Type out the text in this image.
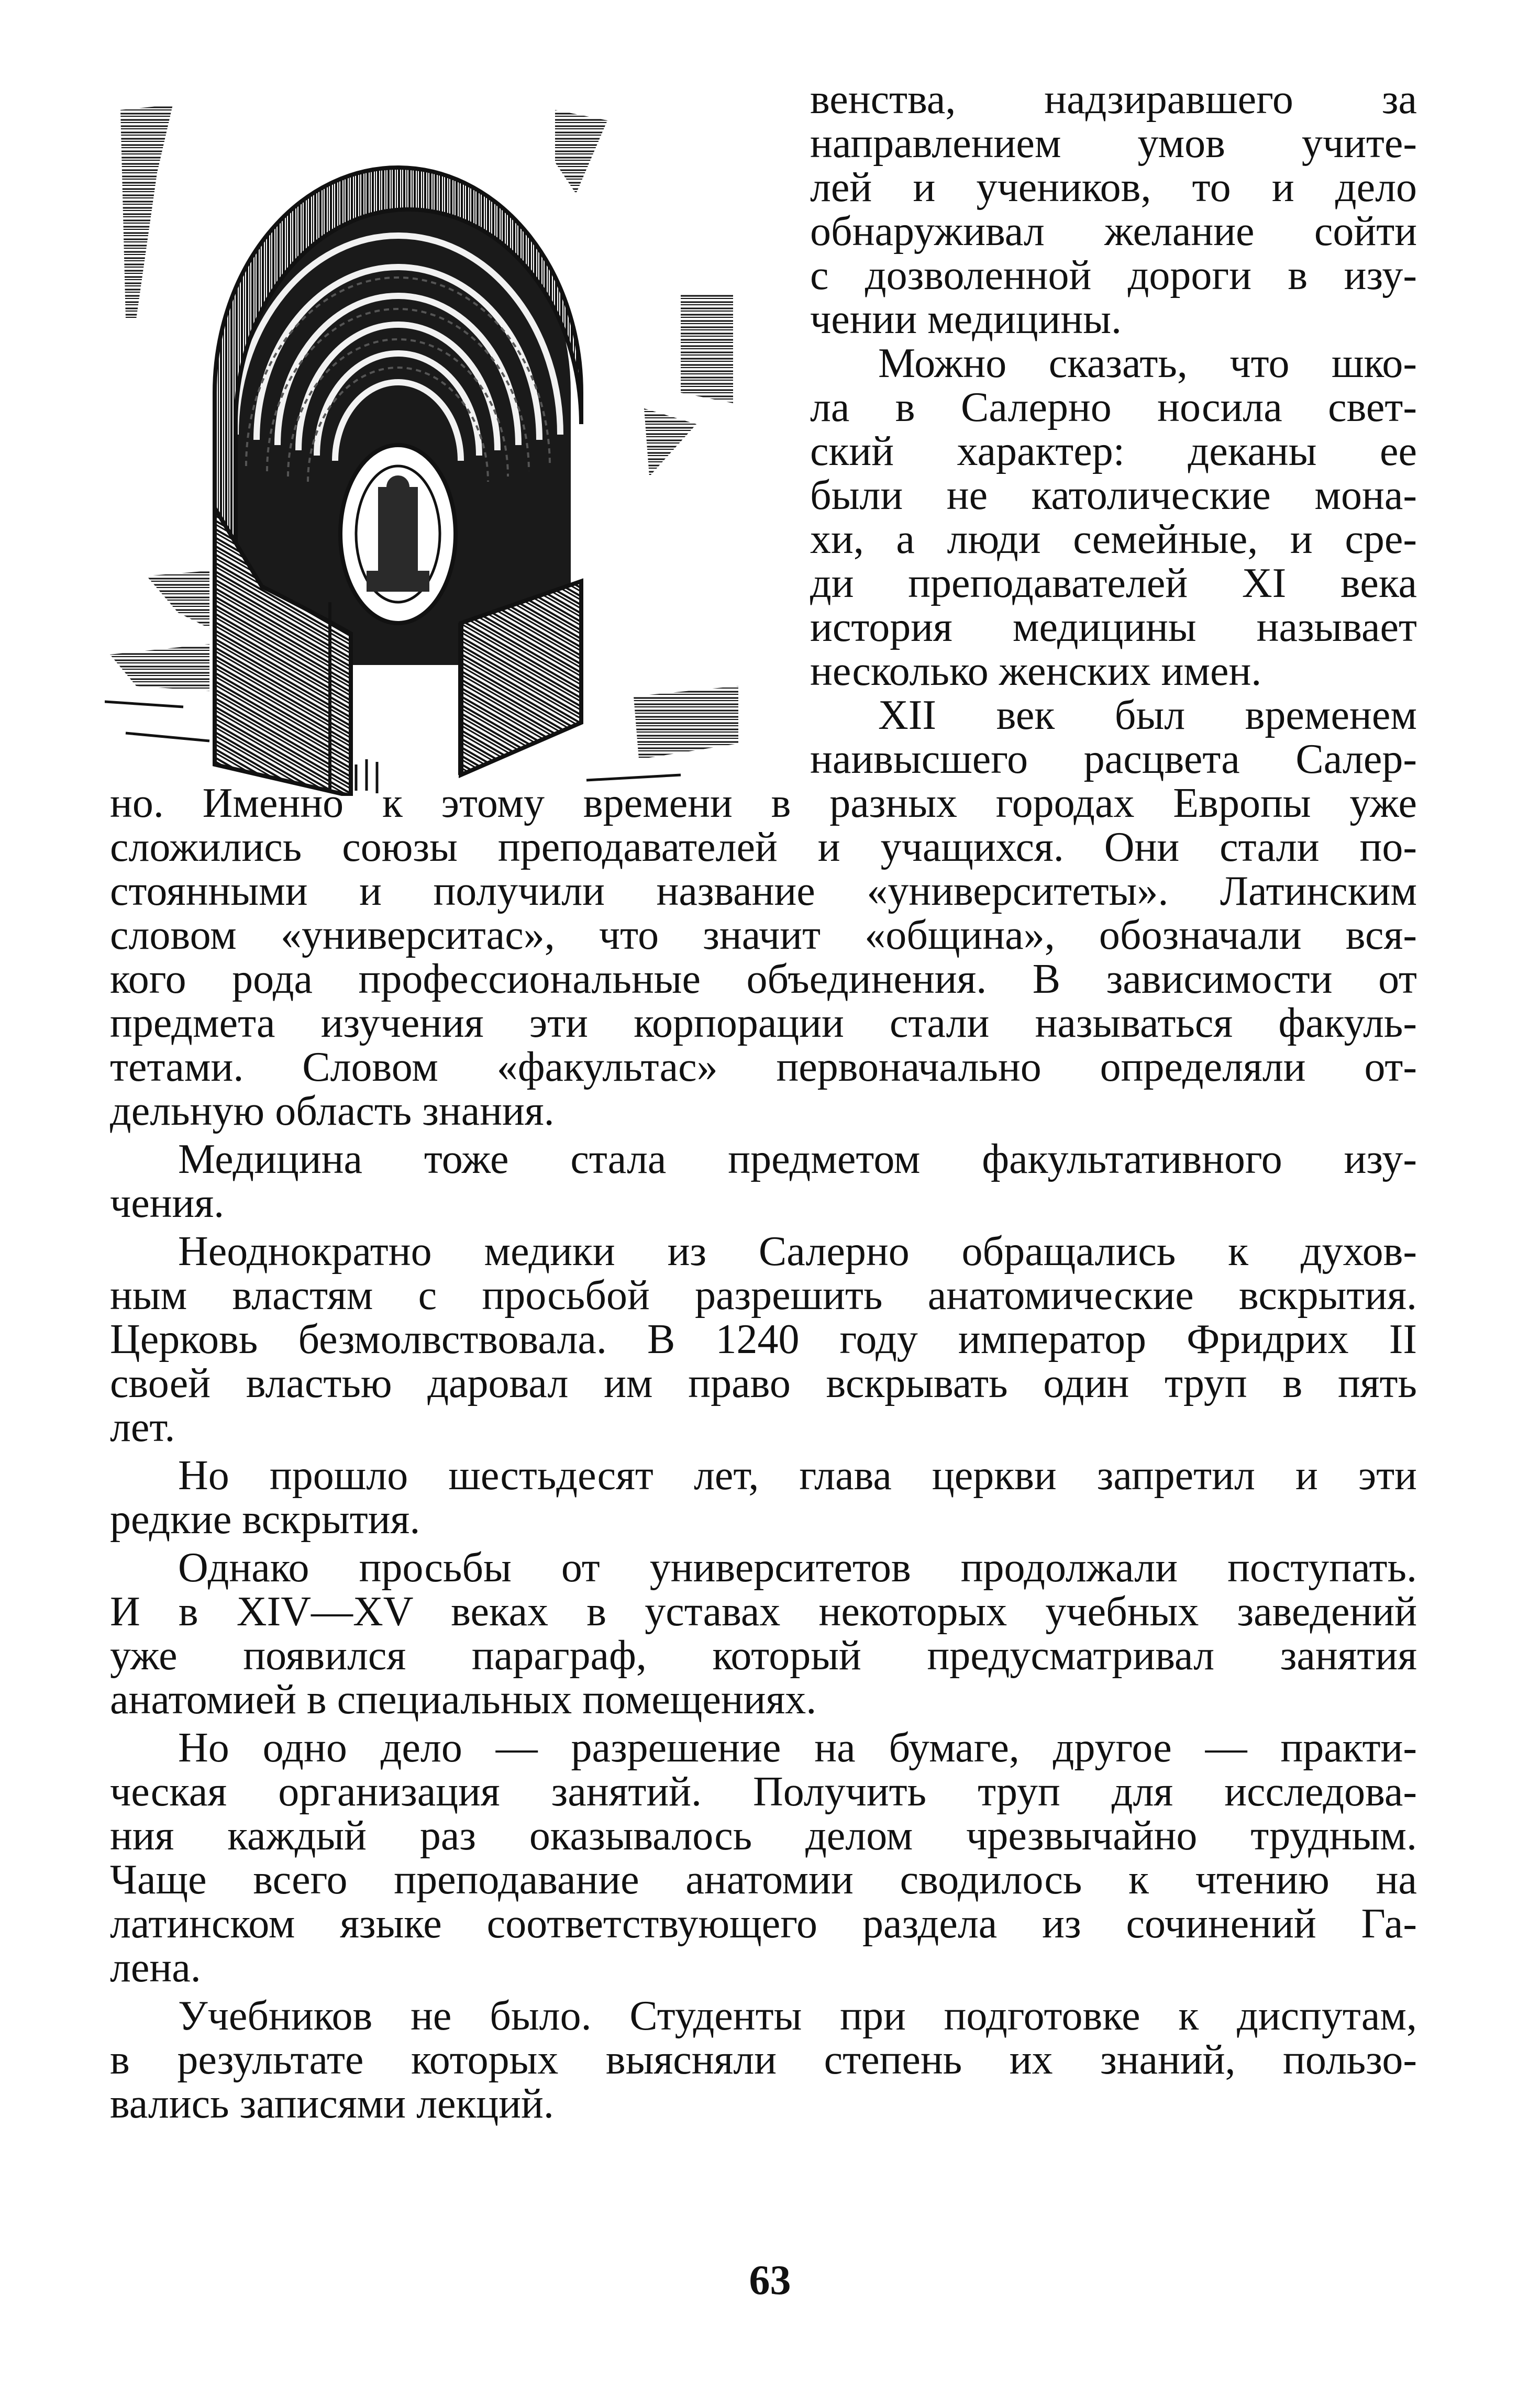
венства, надзиравшего за
направлением умов учите-
лей и учеников, то и дело
обнаруживал желание сойти
с дозволенной дороги в изу-
чении медицины.
Можно сказать, что шко-
ла в Салерно носила свет-
ский характер: деканы ее
были не католические мона-
хи, а люди семейные, и сре-
ди преподавателей XI века
история медицины называет
несколько женских имен.
XII век был временем
наивысшего расцвета Салер-
но. Именно к этому времени в разных городах Европы уже
сложились союзы преподавателей и учащихся. Они стали по-
стоянными и получили название «университеты». Латинским
словом «университас», что значит «община», обозначали вся-
кого рода профессиональные объединения. В зависимости от
предмета изучения эти корпорации стали называться факуль-
тетами. Словом «факультас» первоначально определяли от-
дельную область знания.
Медицина тоже стала предметом факультативного изу-
чения.
Неоднократно медики из Салерно обращались к духов-
ным властям с просьбой разрешить анатомические вскрытия.
Церковь безмолвствовала. В 1240 году император Фридрих II
своей властью даровал им право вскрывать один труп в пять
лет.
Но прошло шестьдесят лет, глава церкви запретил и эти
редкие вскрытия.
Однако просьбы от университетов продолжали поступать.
И в XIV—XV веках в уставах некоторых учебных заведений
уже появился параграф, который предусматривал занятия
анатомией в специальных помещениях.
Но одно дело — разрешение на бумаге, другое — практи-
ческая организация занятий. Получить труп для исследова-
ния каждый раз оказывалось делом чрезвычайно трудным.
Чаще всего преподавание анатомии сводилось к чтению на
латинском языке соответствующего раздела из сочинений Га-
лена.
Учебников не было. Студенты при подготовке к диспутам,
в результате которых выясняли степень их знаний, пользо-
вались записями лекций.
63
